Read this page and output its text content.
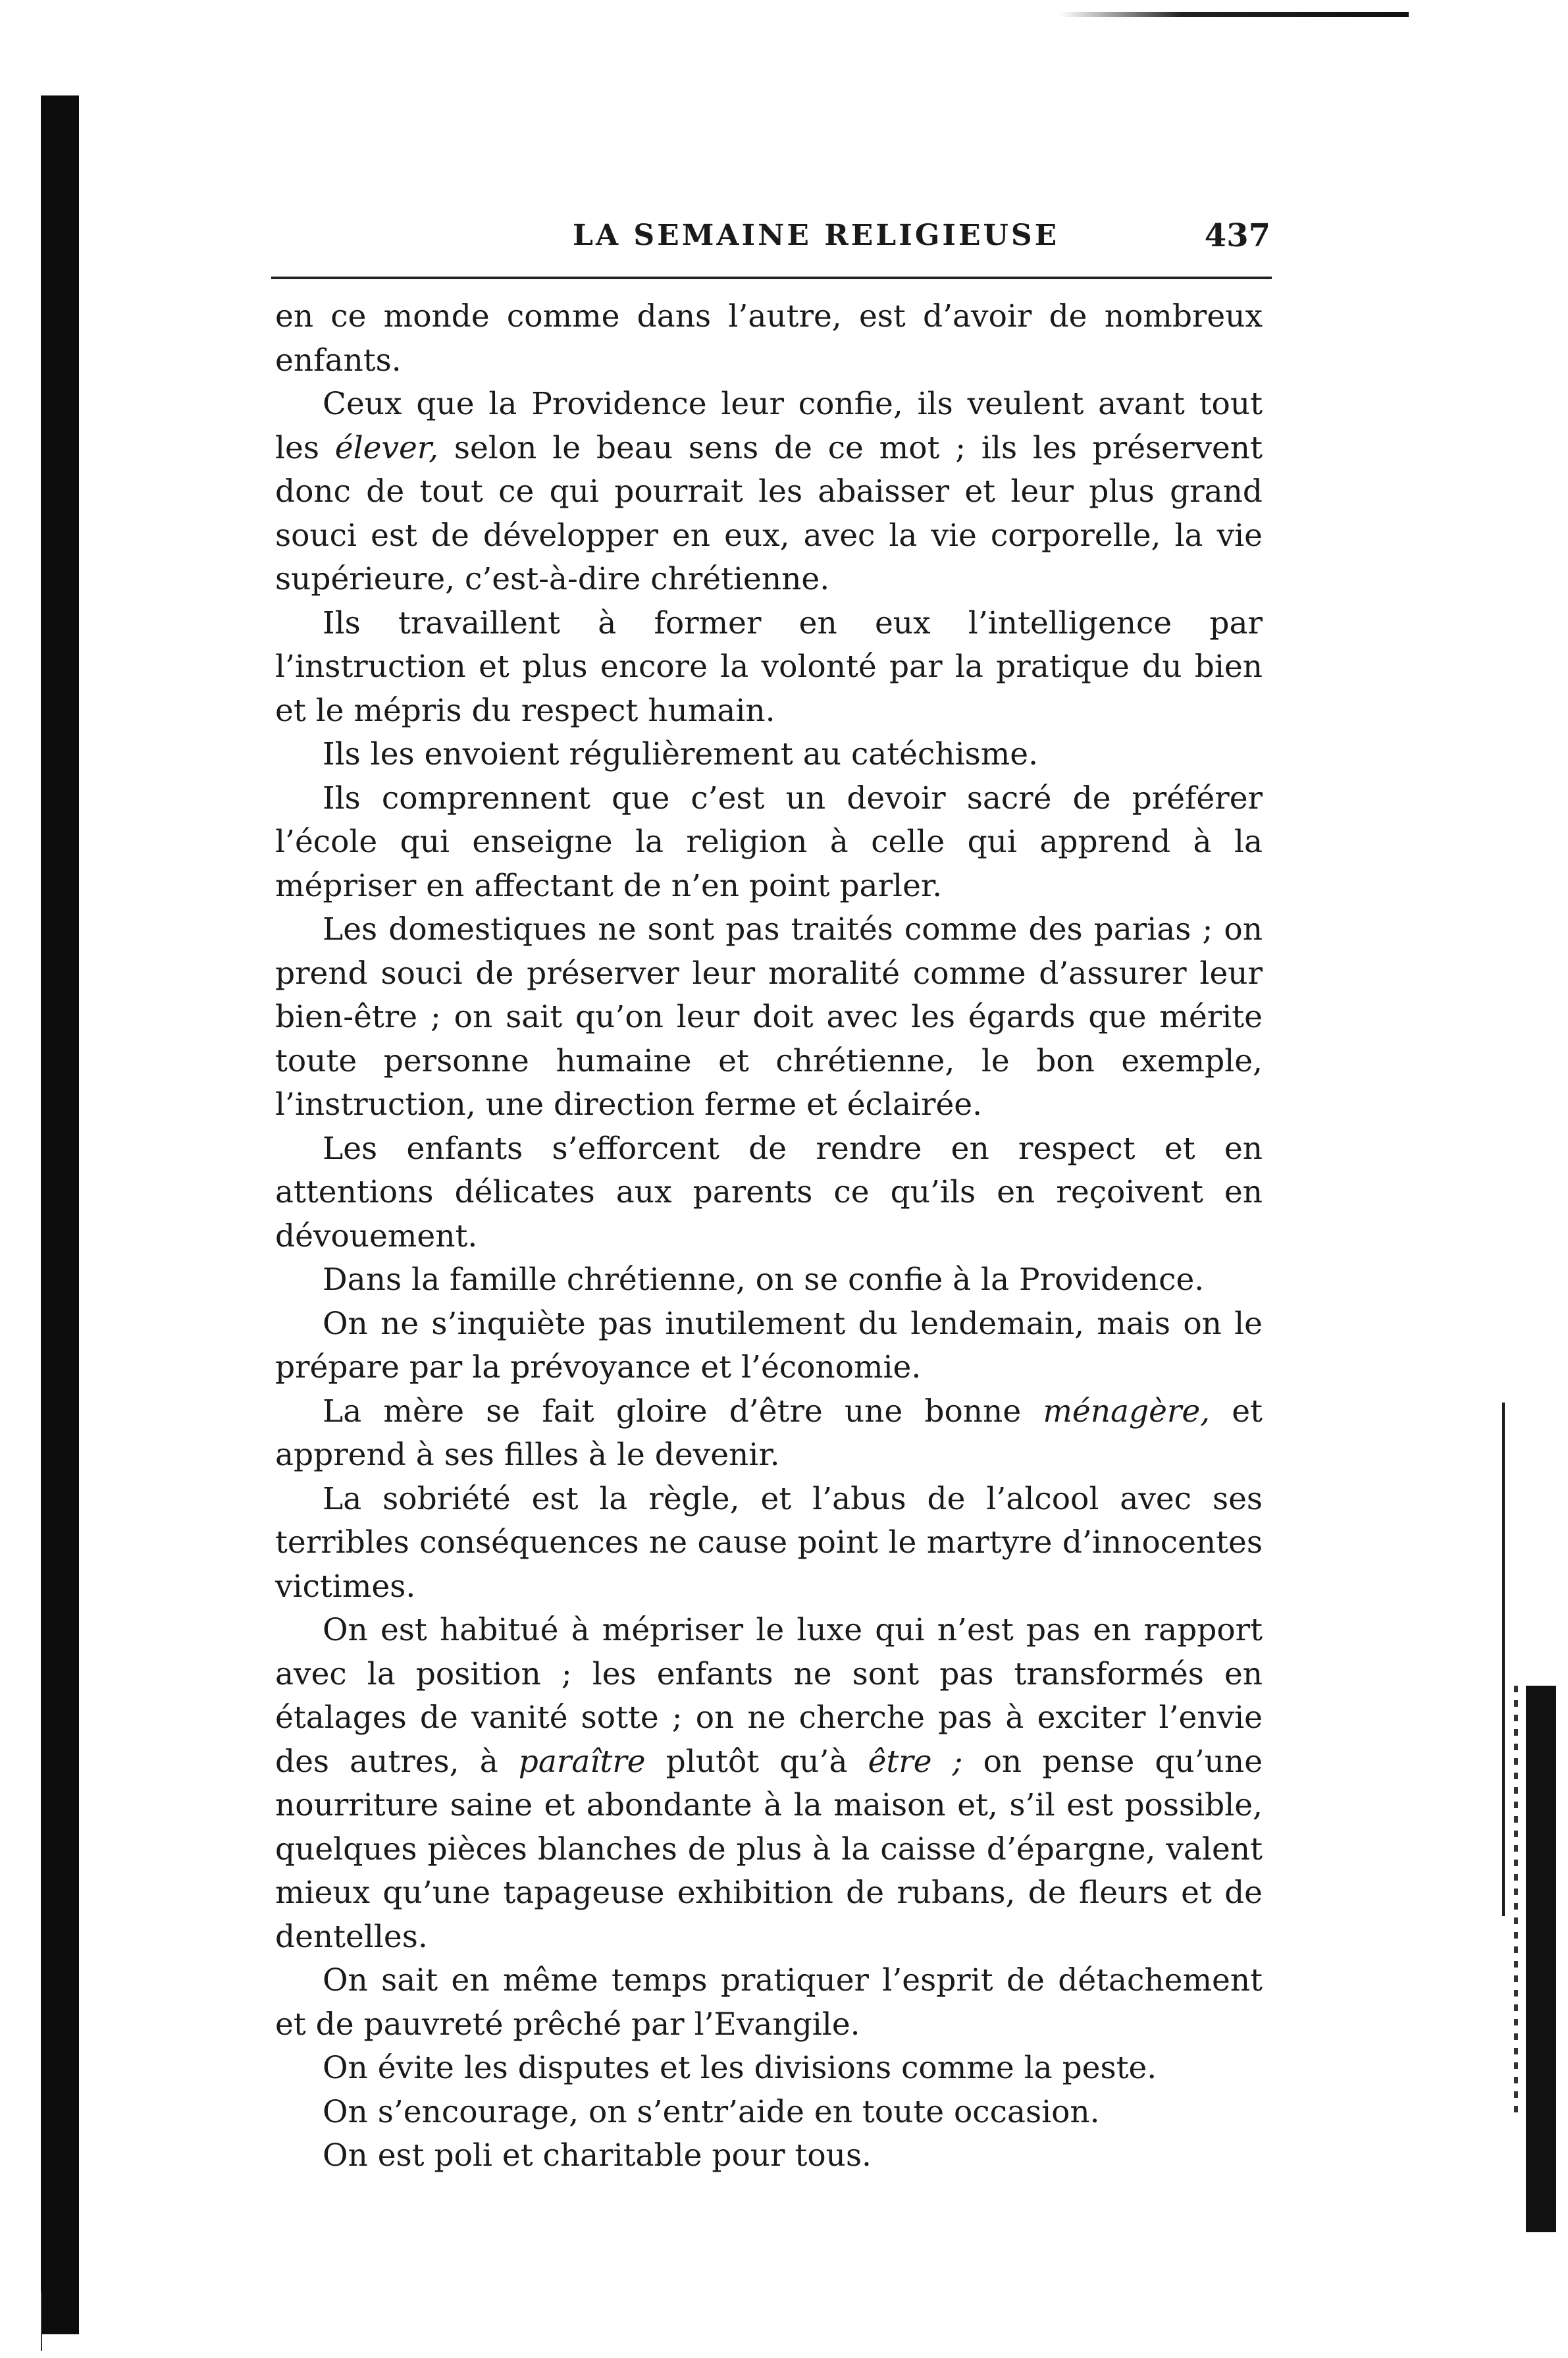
LA SEMAINE RELIGIEUSE	437

en ce monde comme dans l’autre, est d’avoir de nombreux enfants.

Ceux que la Providence leur confie, ils veulent avant tout les élever, selon le beau sens de ce mot ; ils les préservent donc de tout ce qui pourrait les abaisser et leur plus grand souci est de développer en eux, avec la vie corporelle, la vie supérieure, c’est-à-dire chrétienne.

Ils travaillent à former en eux l’intelligence par l’instruction et plus encore la volonté par la pratique du bien et le mépris du respect humain.

Ils les envoient régulièrement au catéchisme.

Ils comprennent que c’est un devoir sacré de préférer l’école qui enseigne la religion à celle qui apprend à la mépriser en affectant de n’en point parler.

Les domestiques ne sont pas traités comme des parias ; on prend souci de préserver leur moralité comme d’assurer leur bien-être ; on sait qu’on leur doit avec les égards que mérite toute personne humaine et chrétienne, le bon exemple, l’instruction, une direction ferme et éclairée.

Les enfants s’efforcent de rendre en respect et en attentions délicates aux parents ce qu’ils en reçoivent en dévouement.

Dans la famille chrétienne, on se confie à la Providence.

On ne s’inquiète pas inutilement du lendemain, mais on le prépare par la prévoyance et l’économie.

La mère se fait gloire d’être une bonne ménagère, et apprend à ses filles à le devenir.

La sobriété est la règle, et l’abus de l’alcool avec ses terribles conséquences ne cause point le martyre d’innocentes victimes.

On est habitué à mépriser le luxe qui n’est pas en rapport avec la position ; les enfants ne sont pas transformés en étalages de vanité sotte ; on ne cherche pas à exciter l’envie des autres, à paraître plutôt qu’à être ; on pense qu’une nourriture saine et abondante à la maison et, s’il est possible, quelques pièces blanches de plus à la caisse d’épargne, valent mieux qu’une tapageuse exhibition de rubans, de fleurs et de dentelles.

On sait en même temps pratiquer l’esprit de détachement et de pauvreté prêché par l’Evangile.

On évite les disputes et les divisions comme la peste.

On s’encourage, on s’entr’aide en toute occasion.

On est poli et charitable pour tous.
